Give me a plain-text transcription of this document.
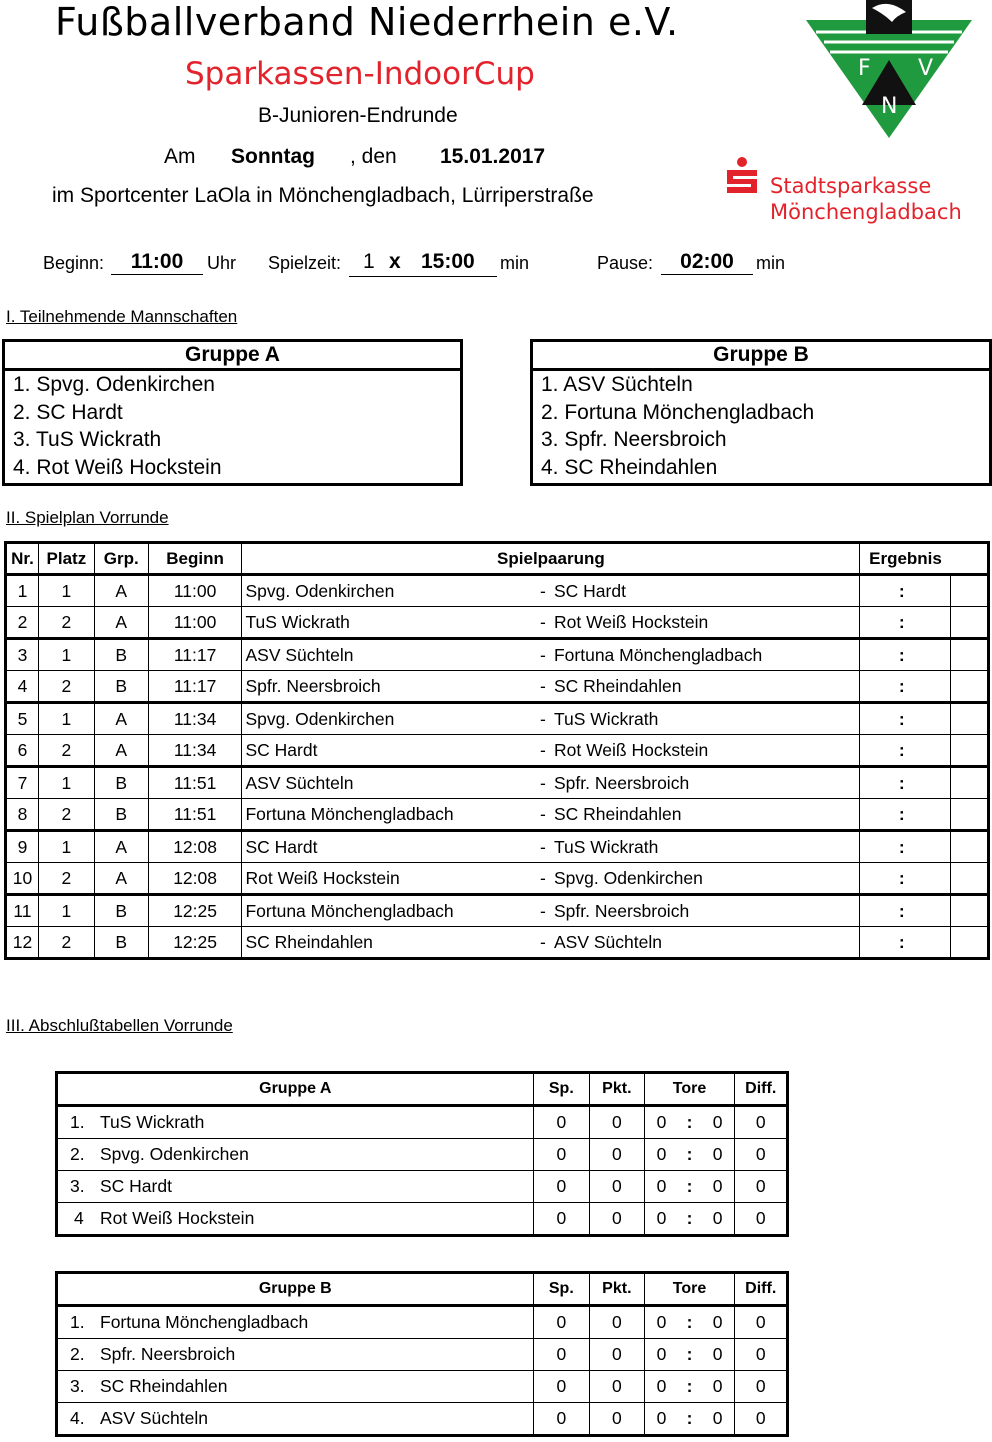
Fußballverband Niederrhein e.V.
Sparkassen-IndoorCup
B-Junioren-Endrunde
Am Sonntag , den 15.01.2017
im Sportcenter LaOla in Mönchengladbach, Lürriperstraße
F V
N
Stadtsparkasse
Mönchengladbach
Beginn:	11:00	Uhr Spielzeit: 1 x 15:00 min	Pause:	02:00	min
I. Teilnehmende Mannschaften
Gruppe A
1. Spvg. Odenkirchen
2. SC Hardt
3. TuS Wickrath
4. Rot Weiß Hockstein
Gruppe B
1. ASV Süchteln
2. Fortuna Mönchengladbach
3. Spfr. Neersbroich
4. SC Rheindahlen
II. Spielplan Vorrunde
Nr.	Platz	Grp.	Beginn	Spielpaarung		Ergebnis		
1	1	A	11:00	Spvg. Odenkirchen	- SC Hardt	:		
2	2	A	11:00	TuS Wickrath	- Rot Weiß Hockstein	:		
3	1	B	11:17	ASV Süchteln	- Fortuna Mönchengladbach	:		
4	2	B	11:17	Spfr. Neersbroich	- SC Rheindahlen	:		
5	1	A	11:34	Spvg. Odenkirchen	- TuS Wickrath	:		
6	2	A	11:34	SC Hardt	- Rot Weiß Hockstein	:		
7	1	B	11:51	ASV Süchteln	- Spfr. Neersbroich	:		
8	2	B	11:51	Fortuna Mönchengladbach	- SC Rheindahlen	:		
9	1	A	12:08	SC Hardt	- TuS Wickrath	:		
10	2	A	12:08	Rot Weiß Hockstein	- Spvg. Odenkirchen	:		
11	1	B	12:25	Fortuna Mönchengladbach	- Spfr. Neersbroich	:		
12	2	B	12:25	SC Rheindahlen	- ASV Süchteln	:		
III. Abschlußtabellen Vorrunde
Gruppe A	Sp.	Pkt.	Tore			Diff.
1. TuS Wickrath	0	0	0	:	0	0
2. Spvg. Odenkirchen	0	0	0	:	0	0
3. SC Hardt	0	0	0	:	0	0
4 Rot Weiß Hockstein	0	0	0	:	0	0
Gruppe B	Sp.	Pkt.	Tore			Diff.
1. Fortuna Mönchengladbach	0	0	0	:	0	0
2. Spfr. Neersbroich	0	0	0	:	0	0
3. SC Rheindahlen	0	0	0	:	0	0
4. ASV Süchteln	0	0	0	:	0	0
